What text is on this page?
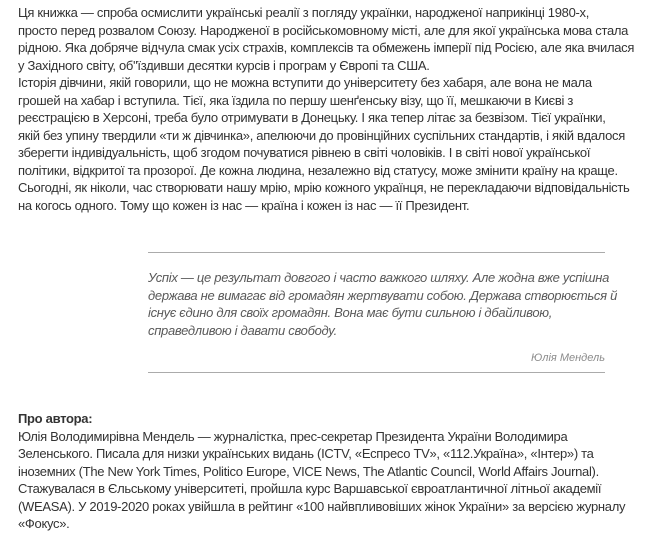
Ця книжка — спроба осмислити українські реалії з погляду українки, народженої наприкінці 1980-х,
просто перед розвалом Союзу. Народженої в російськомовному місті, але для якої українська мова стала
рідною. Яка добряче відчула смак усіх страхів, комплексів та обмежень імперії під Росією, але яка вчилася
у Західного світу, об"їздивши десятки курсів і програм у Європі та США.
Історія дівчини, якій говорили, що не можна вступити до університету без хабаря, але вона не мала
грошей на хабар і вступила. Тієї, яка їздила по першу шенґенську візу, що її, мешкаючи в Києві з
реєстрацією в Херсоні, треба було отримувати в Донецьку. І яка тепер літає за безвізом. Тієї українки,
якій без упину твердили «ти ж дівчинка», апелюючи до провінційних суспільних стандартів, і якій вдалося
зберегти індивідуальність, щоб згодом почуватися рівнею в світі чоловіків. І в світі нової української
політики, відкритої та прозорої. Де кожна людина, незалежно від статусу, може змінити країну на краще.
Сьогодні, як ніколи, час створювати нашу мрію, мрію кожного українця, не перекладаючи відповідальність
на когось одного. Тому що кожен із нас — країна і кожен із нас — її Президент.
Успіх — це результат довгого і часто важкого шляху. Але жодна вже успішна
держава не вимагає від громадян жертвувати собою. Держава створюється й
існує єдино для своїх громадян. Вона має бути сильною і дбайливою,
справедливою і давати свободу.
Юлія Мендель
Про автора:
Юлія Володимирівна Мендель — журналістка, прес-секретар Президента України Володимира
Зеленського. Писала для низки українських видань (ICTV, «Еспресо TV», «112.Україна», «Інтер») та
іноземних (The New York Times, Politico Europe, VICE News, The Atlantic Council, World Affairs Journal).
Стажувалася в Єльському університеті, пройшла курс Варшавської євроатлантичної літньої академії
(WEASA). У 2019-2020 роках увійшла в рейтинг «100 найвпливовіших жінок України» за версією журналу
«Фокус».
